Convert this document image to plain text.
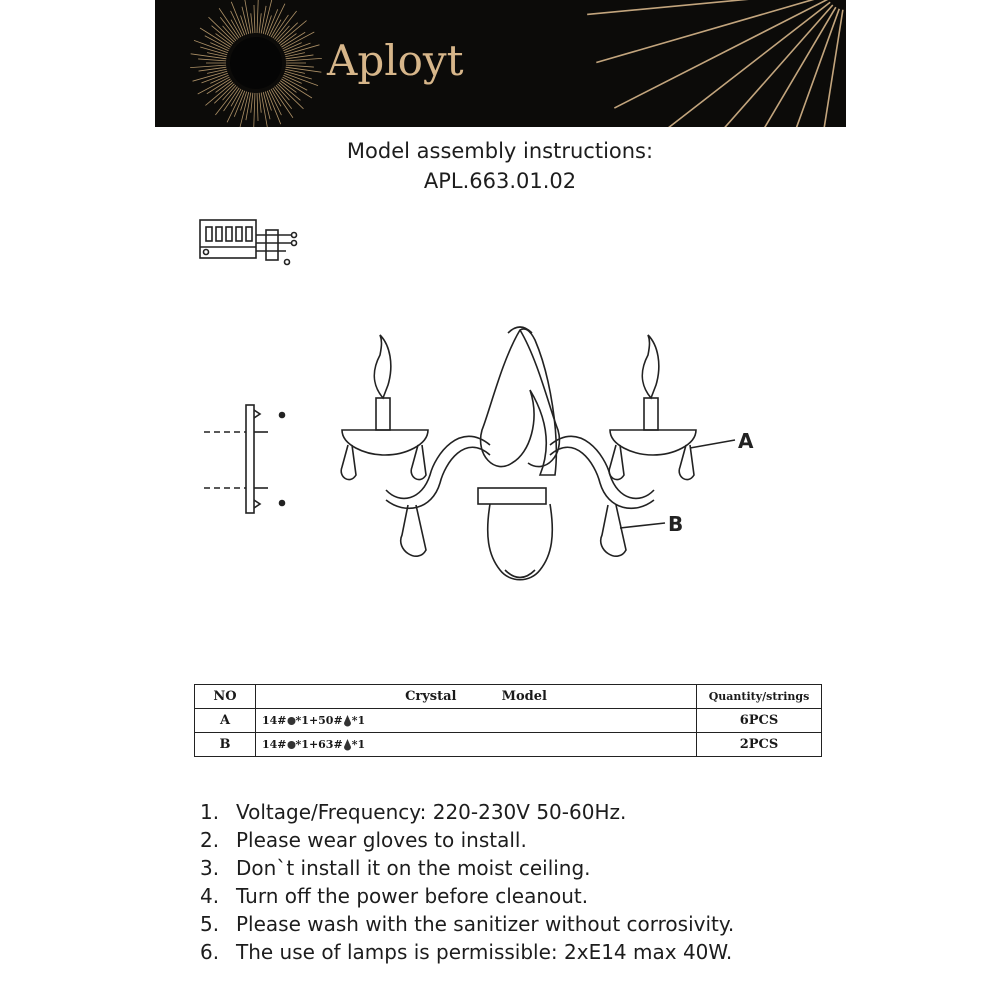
Aployt
Model assembly instructions:
APL.663.01.02
A
B
NO	Crystal Model	Quantity/strings
A	14# *1+50# *1	6PCS
B	14# *1+63# *1	2PCS
1. Voltage/Frequency: 220-230V 50-60Hz.
2. Please wear gloves to install.
3. Don`t install it on the moist ceiling.
4. Turn off the power before cleanout.
5. Please wash with the sanitizer without corrosivity.
6. The use of lamps is permissible: 2xE14 max 40W.
